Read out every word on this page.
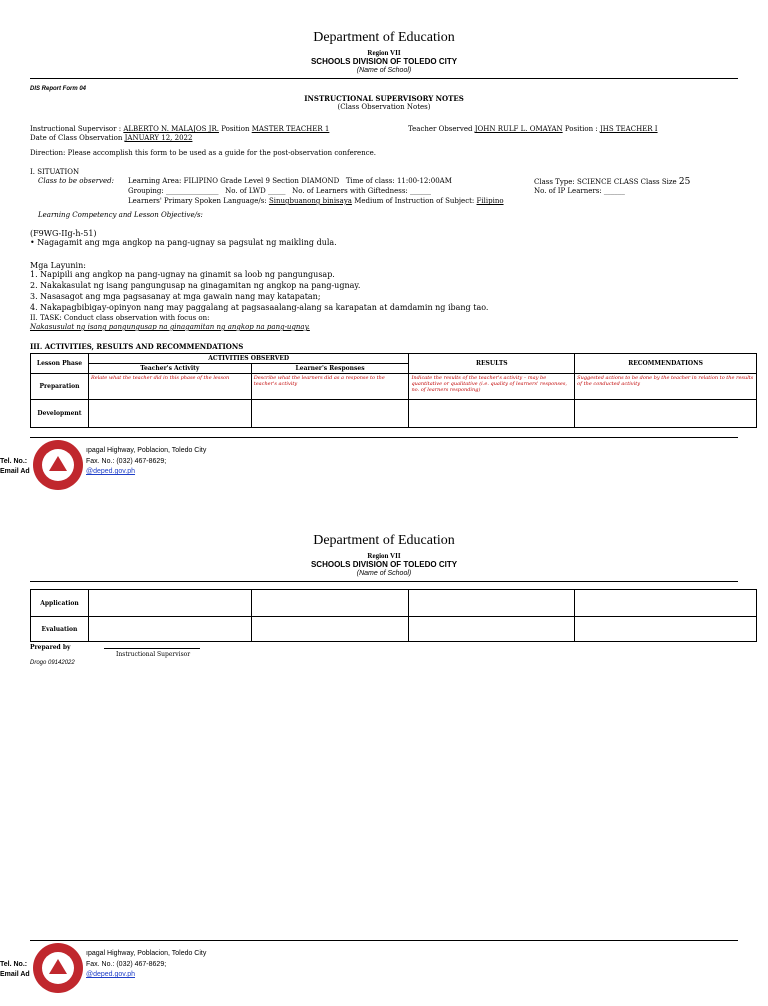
Department of Education
Region VII
SCHOOLS DIVISION OF TOLEDO CITY
(Name of School)
DIS Report Form 04
INSTRUCTIONAL SUPERVISORY NOTES
(Class Observation Notes)
Instructional Supervisor : ALBERTO N. MALAJOS JR. Position MASTER TEACHER 1	Teacher Observed JOHN RULF L. OMAYAN Position : JHS TEACHER I
Date of Class Observation JANUARY 12, 2022
Direction: Please accomplish this form to be used as a guide for the post-observation conference.
I. SITUATION
Class to be observed: Learning Area: FILIPINO Grade Level 9 Section DIAMOND Time of class: 11:00-12:00AM	Class Type: SCIENCE CLASS Class Size 25
Grouping: _______________ No. of LWD _____ No. of Learners with Giftedness: ______	No. of IP Learners: ______
Learners' Primary Spoken Language/s: Sinugbuanong binisaya Medium of Instruction of Subject: Filipino
Learning Competency and Lesson Objective/s:
(F9WG-IIg-h-51)
• Nagagamit ang mga angkop na pang-ugnay sa pagsulat ng maikling dula.
Mga Layunin:
1. Napipili ang angkop na pang-ugnay na ginamit sa loob ng pangungusap.
2. Nakakasulat ng isang pangungusap na ginagamitan ng angkop na pang-ugnay.
3. Nasasagot ang mga pagsasanay at mga gawain nang may katapatan;
4. Nakapagbibigay-opinyon nang may paggalang at pagsasaalang-alang sa karapatan at damdamin ng ibang tao.
II. TASK: Conduct class observation with focus on:
Nakasusulat ng isang pangungusap na ginagamitan ng angkop na pang-ugnay.
III. ACTIVITIES, RESULTS AND RECOMMENDATIONS
Lesson Phase	ACTIVITIES OBSERVED		RESULTS	RECOMMENDATIONS
	Teacher's Activity	Learner's Responses		
Preparation	Relate what the teacher did in this phase of the lesson	Describe what the learners did as a response to the teacher's activity	Indicate the results of the teacher's activity – may be quantitative or qualitative (i.e. quality of learners' responses, no. of learners responding)	Suggested actions to be done by the teacher in relation to the results of the conducted activity
Development				
ıpagal Highway, Poblacion, Toledo City
Tel. No.:	Fax. No.: (032) 467-8629;
Email Ad	@deped.gov.ph
Department of Education
Region VII
SCHOOLS DIVISION OF TOLEDO CITY
(Name of School)
Application				
Evaluation				
Prepared by
Instructional Supervisor
Drogo 09142022
ıpagal Highway, Poblacion, Toledo City
Tel. No.:	Fax. No.: (032) 467-8629;
Email Ad	@deped.gov.ph
